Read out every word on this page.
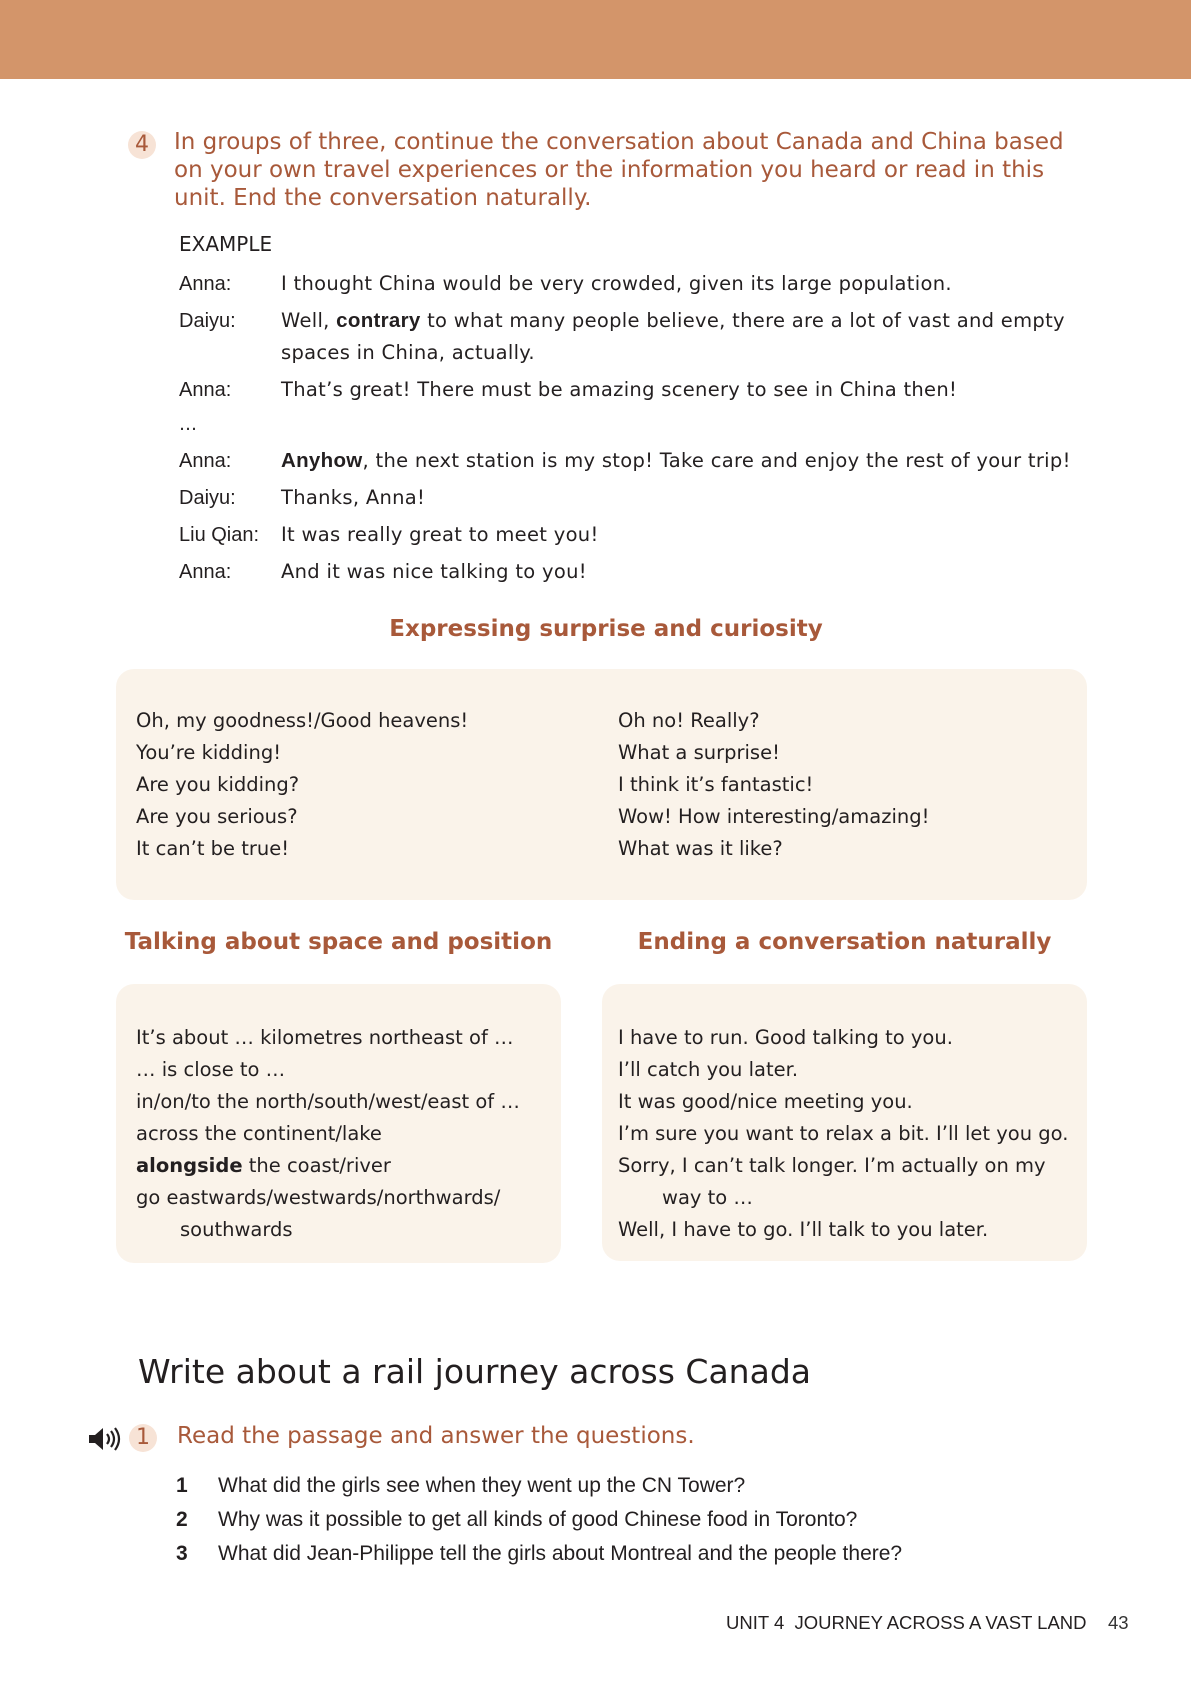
4	In groups of three, continue the conversation about Canada and China based on your own travel experiences or the information you heard or read in this unit. End the conversation naturally.
EXAMPLE
Anna:	I thought China would be very crowded, given its large population.
Daiyu:	Well, contrary to what many people believe, there are a lot of vast and empty spaces in China, actually.
Anna:	That’s great! There must be amazing scenery to see in China then!
…
Anna:	Anyhow, the next station is my stop! Take care and enjoy the rest of your trip!
Daiyu:	Thanks, Anna!
Liu Qian:	It was really great to meet you!
Anna:	And it was nice talking to you!
Expressing surprise and curiosity
Oh, my goodness!/Good heavens!
You’re kidding!
Are you kidding?
Are you serious?
It can’t be true!
Oh no! Really?
What a surprise!
I think it’s fantastic!
Wow! How interesting/amazing!
What was it like?
Talking about space and position
It’s about … kilometres northeast of …
… is close to …
in/on/to the north/south/west/east of …
across the continent/lake
alongside the coast/river
go eastwards/westwards/northwards/
southwards
Ending a conversation naturally
I have to run. Good talking to you.
I’ll catch you later.
It was good/nice meeting you.
I’m sure you want to relax a bit. I’ll let you go.
Sorry, I can’t talk longer. I’m actually on my
way to …
Well, I have to go. I’ll talk to you later.
Write about a rail journey across Canada
1	Read the passage and answer the questions.
1	What did the girls see when they went up the CN Tower?
2	Why was it possible to get all kinds of good Chinese food in Toronto?
3	What did Jean-Philippe tell the girls about Montreal and the people there?
UNIT 4  JOURNEY ACROSS A VAST LAND 43
